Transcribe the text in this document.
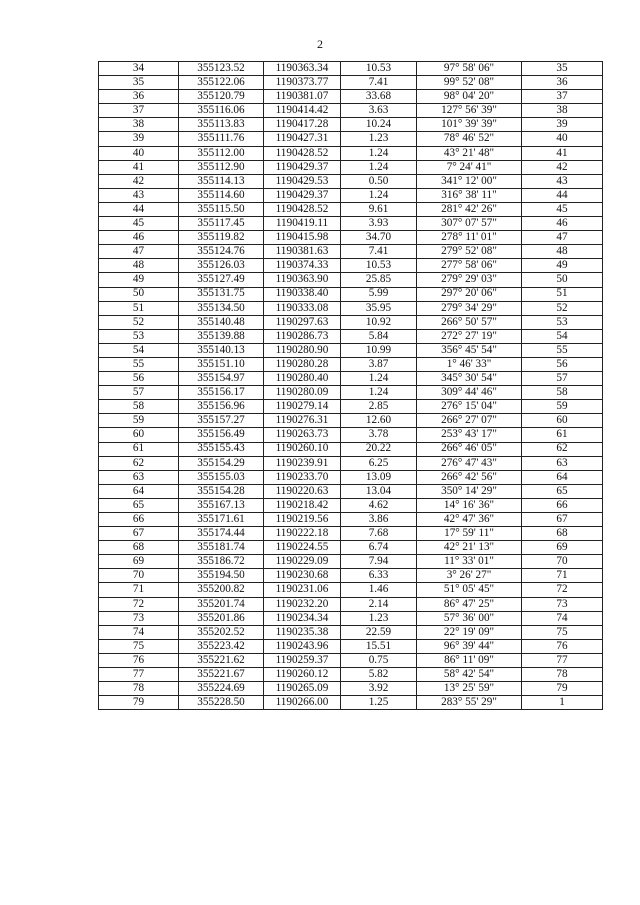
2
34	355123.52	1190363.34	10.53	97° 58' 06"	35
35	355122.06	1190373.77	7.41	99° 52' 08"	36
36	355120.79	1190381.07	33.68	98° 04' 20"	37
37	355116.06	1190414.42	3.63	127° 56' 39"	38
38	355113.83	1190417.28	10.24	101° 39' 39"	39
39	355111.76	1190427.31	1.23	78° 46' 52"	40
40	355112.00	1190428.52	1.24	43° 21' 48"	41
41	355112.90	1190429.37	1.24	7° 24' 41"	42
42	355114.13	1190429.53	0.50	341° 12' 00"	43
43	355114.60	1190429.37	1.24	316° 38' 11"	44
44	355115.50	1190428.52	9.61	281° 42' 26"	45
45	355117.45	1190419.11	3.93	307° 07' 57"	46
46	355119.82	1190415.98	34.70	278° 11' 01"	47
47	355124.76	1190381.63	7.41	279° 52' 08"	48
48	355126.03	1190374.33	10.53	277° 58' 06"	49
49	355127.49	1190363.90	25.85	279° 29' 03"	50
50	355131.75	1190338.40	5.99	297° 20' 06"	51
51	355134.50	1190333.08	35.95	279° 34' 29"	52
52	355140.48	1190297.63	10.92	266° 50' 57"	53
53	355139.88	1190286.73	5.84	272° 27' 19"	54
54	355140.13	1190280.90	10.99	356° 45' 54"	55
55	355151.10	1190280.28	3.87	1° 46' 33"	56
56	355154.97	1190280.40	1.24	345° 30' 54"	57
57	355156.17	1190280.09	1.24	309° 44' 46"	58
58	355156.96	1190279.14	2.85	276° 15' 04"	59
59	355157.27	1190276.31	12.60	266° 27' 07"	60
60	355156.49	1190263.73	3.78	253° 43' 17"	61
61	355155.43	1190260.10	20.22	266° 46' 05"	62
62	355154.29	1190239.91	6.25	276° 47' 43"	63
63	355155.03	1190233.70	13.09	266° 42' 56"	64
64	355154.28	1190220.63	13.04	350° 14' 29"	65
65	355167.13	1190218.42	4.62	14° 16' 36"	66
66	355171.61	1190219.56	3.86	42° 47' 36"	67
67	355174.44	1190222.18	7.68	17° 59' 11"	68
68	355181.74	1190224.55	6.74	42° 21' 13"	69
69	355186.72	1190229.09	7.94	11° 33' 01"	70
70	355194.50	1190230.68	6.33	3° 26' 27"	71
71	355200.82	1190231.06	1.46	51° 05' 45"	72
72	355201.74	1190232.20	2.14	86° 47' 25"	73
73	355201.86	1190234.34	1.23	57° 36' 00"	74
74	355202.52	1190235.38	22.59	22° 19' 09"	75
75	355223.42	1190243.96	15.51	96° 39' 44"	76
76	355221.62	1190259.37	0.75	86° 11' 09"	77
77	355221.67	1190260.12	5.82	58° 42' 54"	78
78	355224.69	1190265.09	3.92	13° 25' 59"	79
79	355228.50	1190266.00	1.25	283° 55' 29"	1
